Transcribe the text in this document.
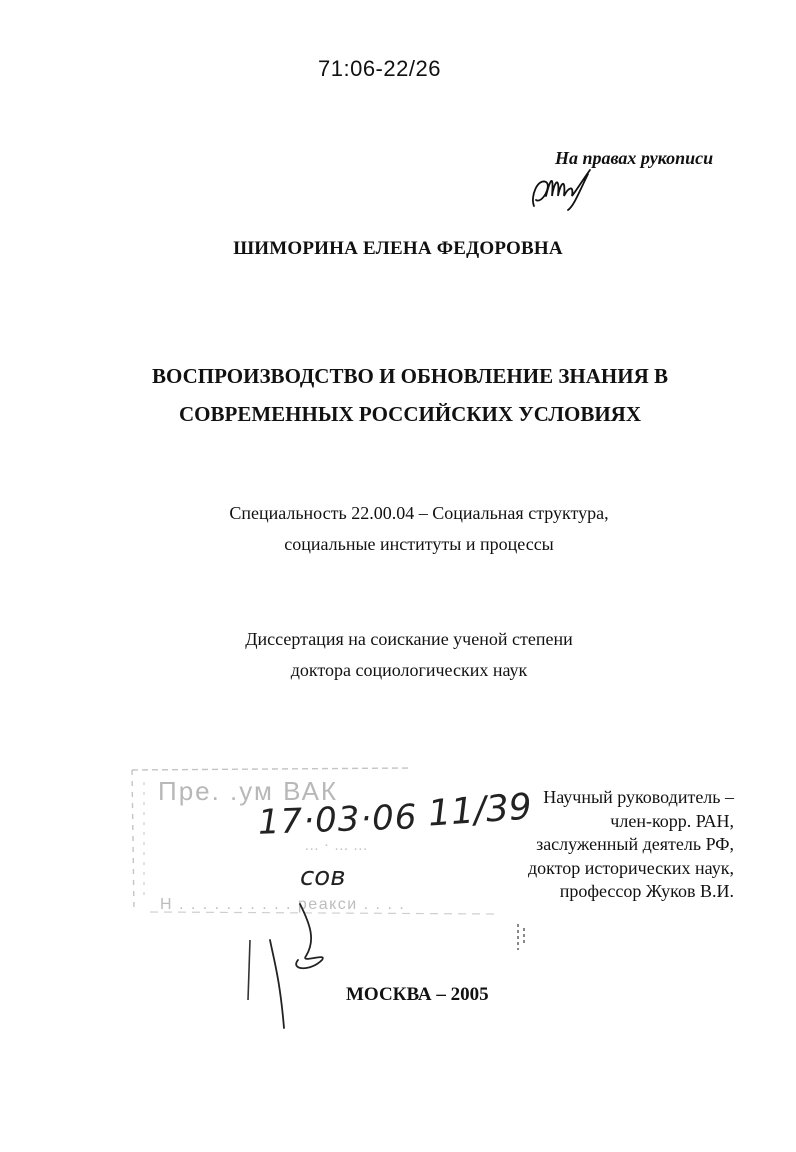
71:06-22/26
На правах рукописи
ШИМОРИНА ЕЛЕНА ФЕДОРОВНА
ВОСПРОИЗВОДСТВО И ОБНОВЛЕНИЕ ЗНАНИЯ В
СОВРЕМЕННЫХ РОССИЙСКИХ УСЛОВИЯХ
Специальность 22.00.04 – Социальная структура,
социальные институты и процессы
Диссертация на соискание ученой степени
доктора социологических наук
Пре. .ум ВАК
... · ... ...
Н . . . . . . . . . . реакси . . . .
17·03·06 11/39
сов
Научный руководитель –
член-корр. РАН,
заслуженный деятель РФ,
доктор исторических наук,
профессор Жуков В.И.
МОСКВА – 2005
